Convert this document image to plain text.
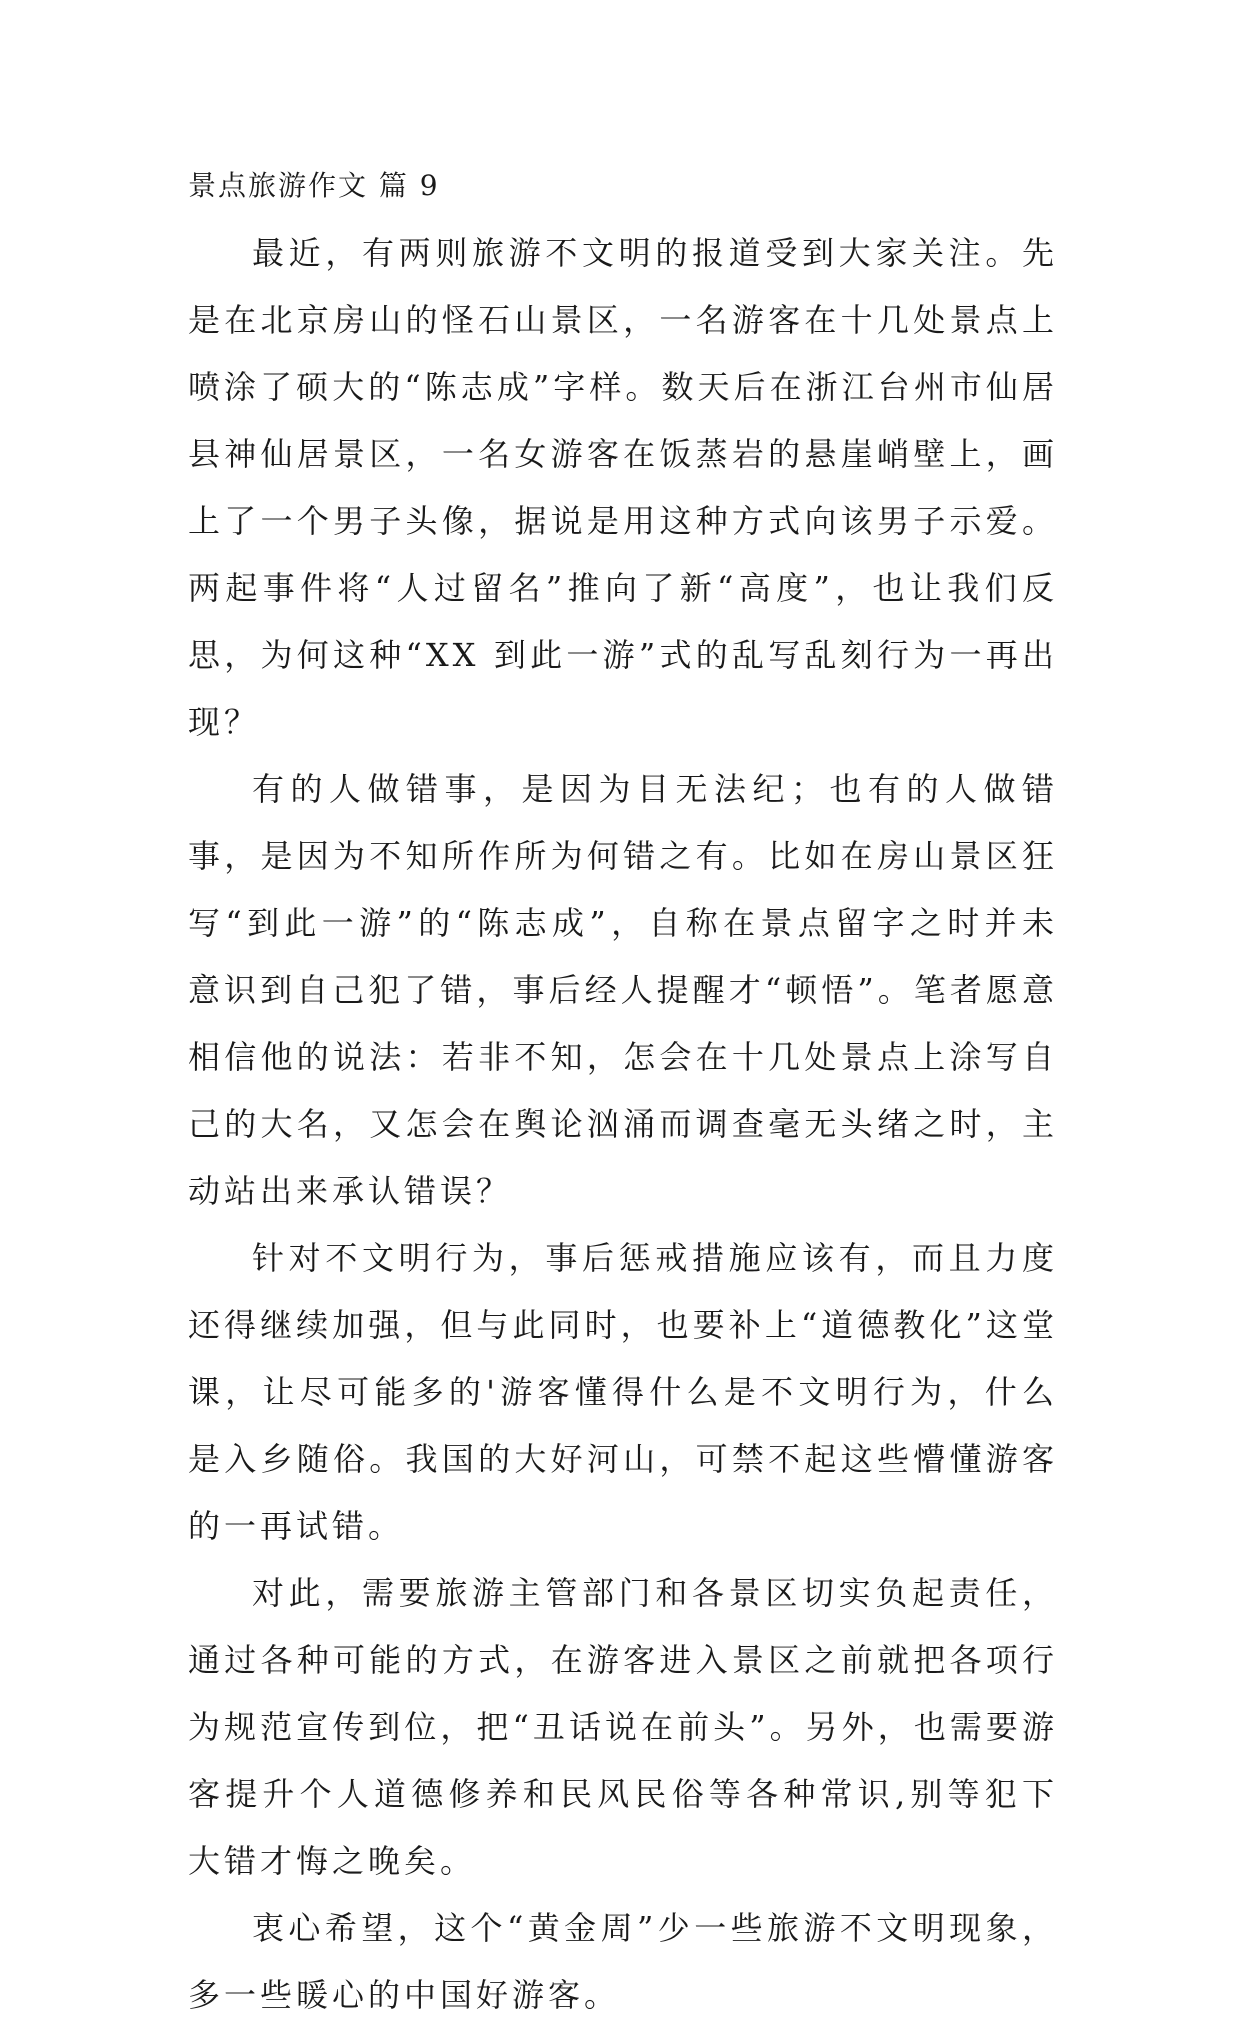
景点旅游作文 篇 9

最近，有两则旅游不文明的报道受到大家关注。先是在北京房山的怪石山景区，一名游客在十几处景点上喷涂了硕大的“陈志成”字样。数天后在浙江台州市仙居县神仙居景区，一名女游客在饭蒸岩的悬崖峭壁上，画上了一个男子头像，据说是用这种方式向该男子示爱。两起事件将“人过留名”推向了新“高度”，也让我们反思，为何这种“XX 到此一游”式的乱写乱刻行为一再出现？

有的人做错事，是因为目无法纪；也有的人做错事，是因为不知所作所为何错之有。比如在房山景区狂写“到此一游”的“陈志成”，自称在景点留字之时并未意识到自己犯了错，事后经人提醒才“顿悟”。笔者愿意相信他的说法：若非不知，怎会在十几处景点上涂写自己的大名，又怎会在舆论汹涌而调查毫无头绪之时，主动站出来承认错误？

针对不文明行为，事后惩戒措施应该有，而且力度还得继续加强，但与此同时，也要补上“道德教化”这堂课，让尽可能多的'游客懂得什么是不文明行为，什么是入乡随俗。我国的大好河山，可禁不起这些懵懂游客的一再试错。

对此，需要旅游主管部门和各景区切实负起责任，通过各种可能的方式，在游客进入景区之前就把各项行为规范宣传到位，把“丑话说在前头”。另外，也需要游客提升个人道德修养和民风民俗等各种常识,别等犯下大错才悔之晚矣。

衷心希望，这个“黄金周”少一些旅游不文明现象，多一些暖心的中国好游客。
